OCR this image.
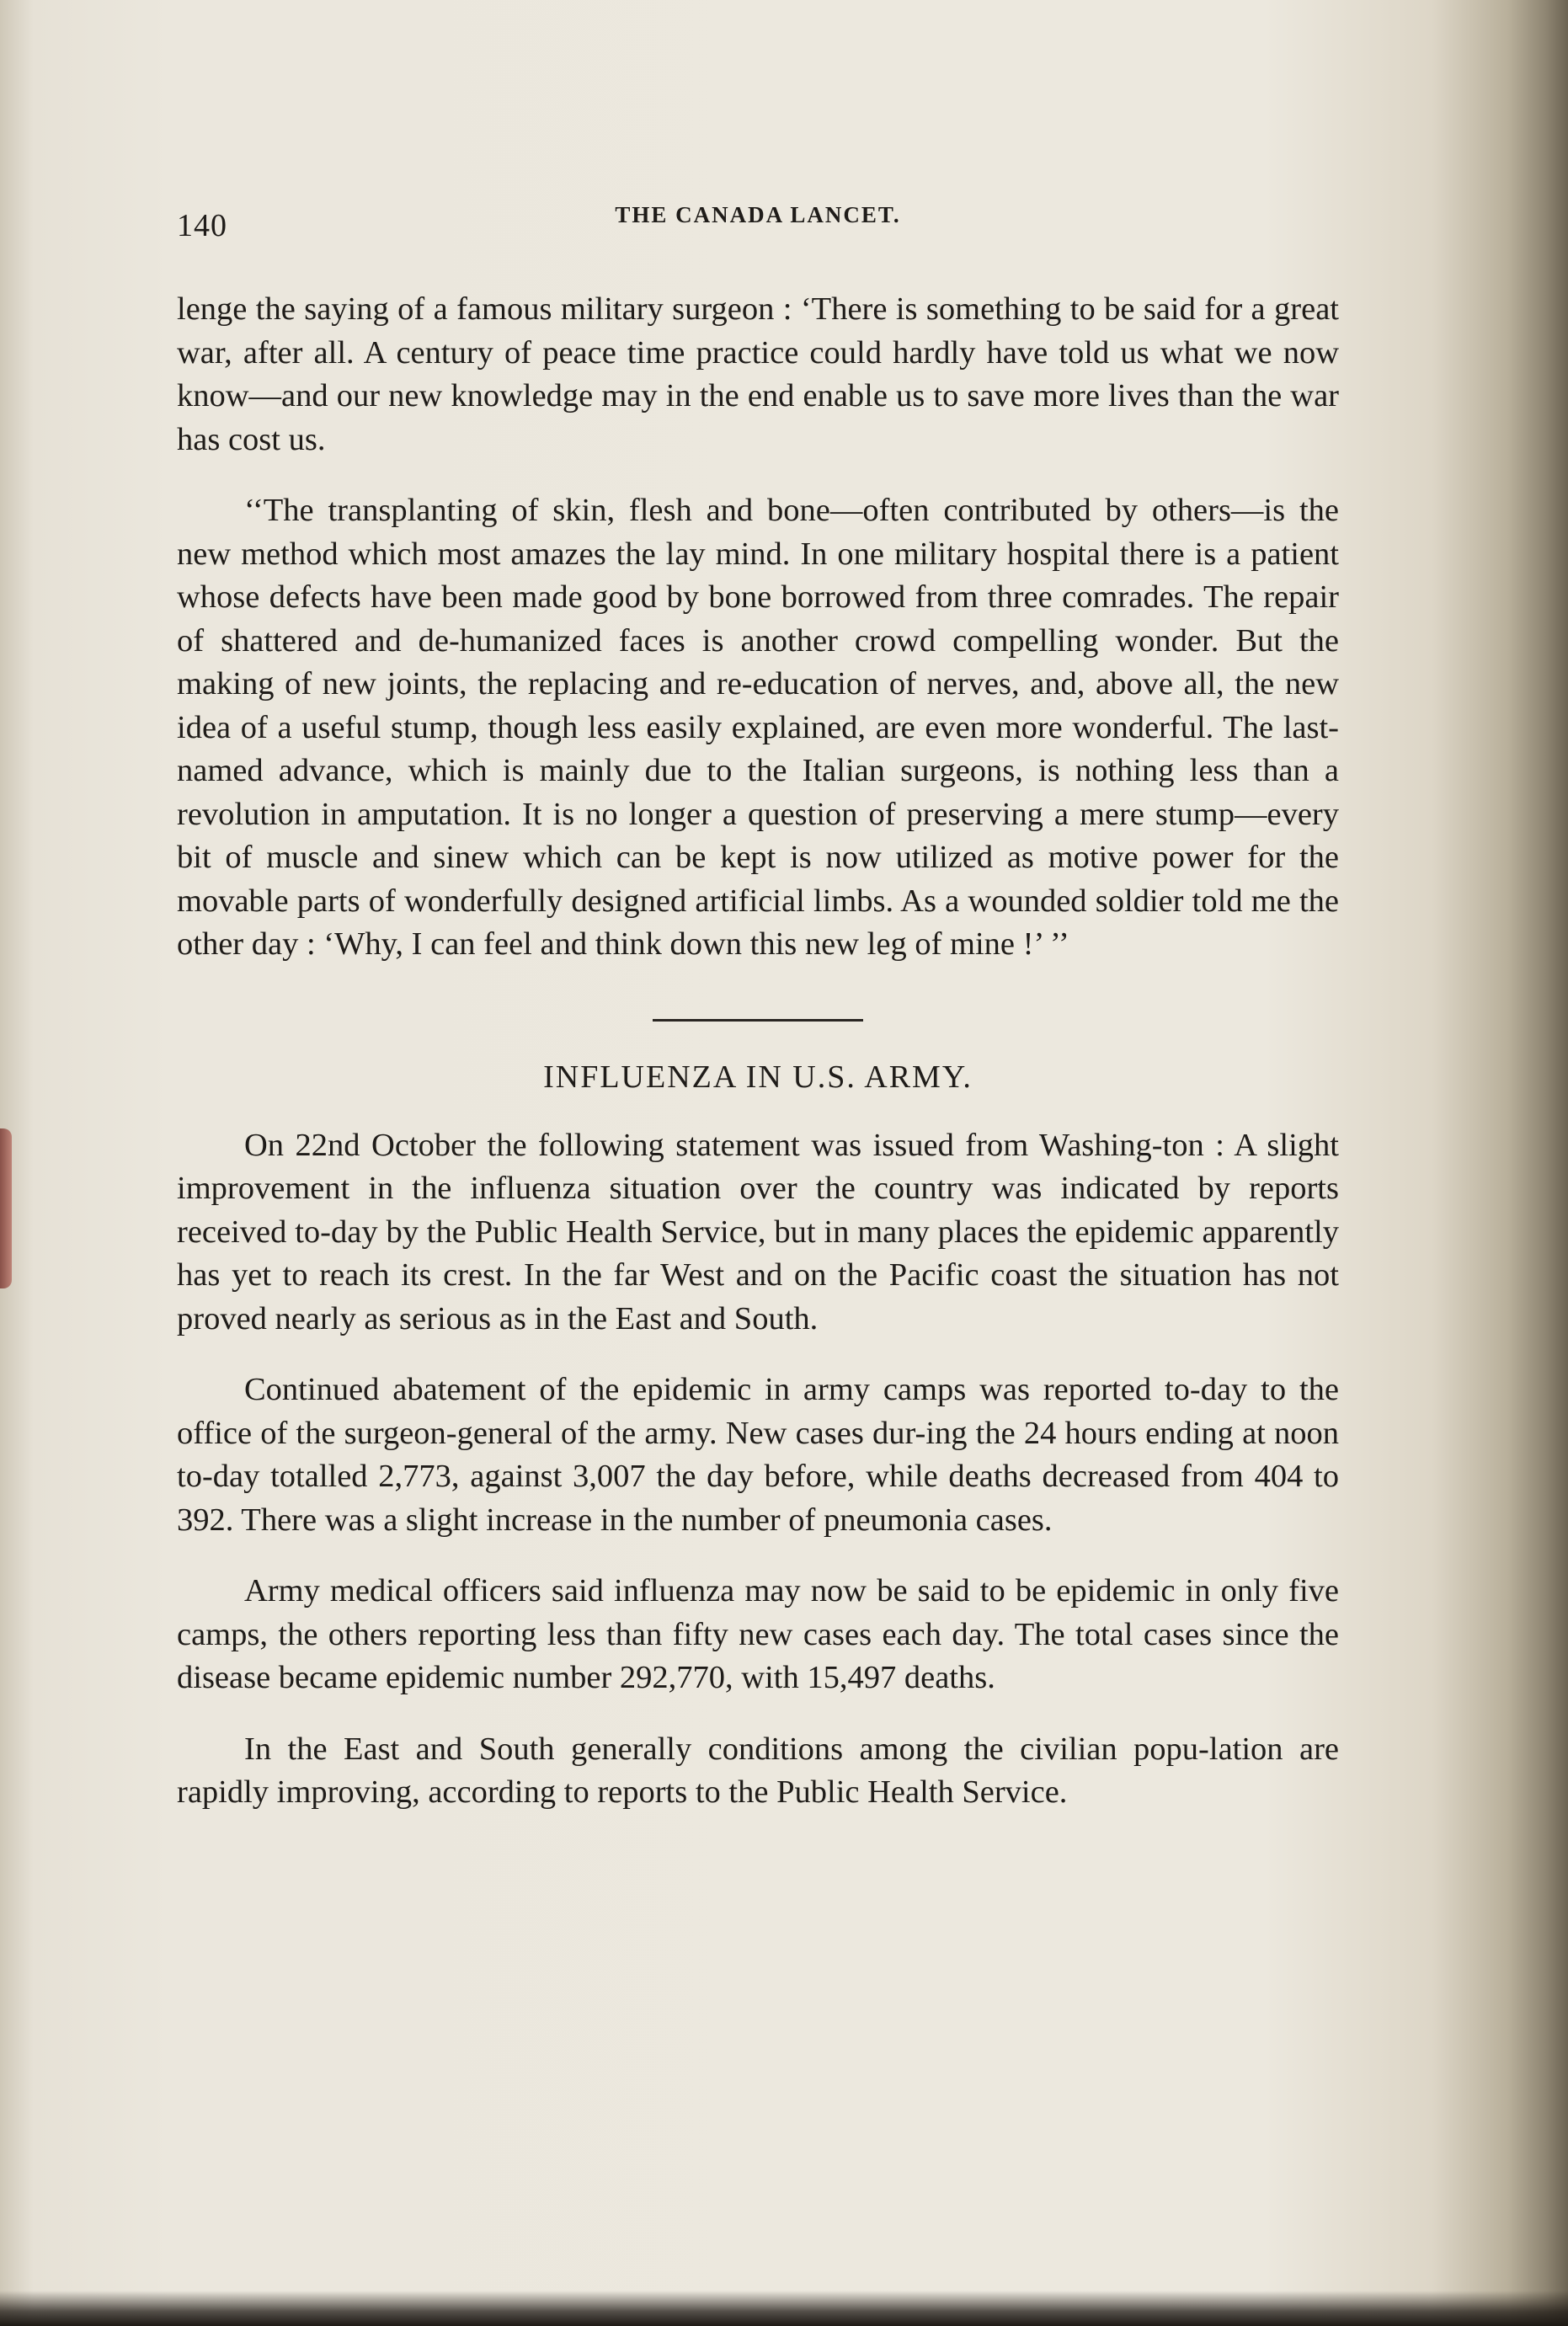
140	THE CANADA LANCET.

lenge the saying of a famous military surgeon : ‘There is something to be said for a great war, after all. A century of peace time practice could hardly have told us what we now know—and our new knowledge may in the end enable us to save more lives than the war has cost us.

‘‘The transplanting of skin, flesh and bone—often contributed by others—is the new method which most amazes the lay mind. In one military hospital there is a patient whose defects have been made good by bone borrowed from three comrades. The repair of shattered and de-humanized faces is another crowd compelling wonder. But the making of new joints, the replacing and re-education of nerves, and, above all, the new idea of a useful stump, though less easily explained, are even more wonderful. The last-named advance, which is mainly due to the Italian surgeons, is nothing less than a revolution in amputation. It is no longer a question of preserving a mere stump—every bit of muscle and sinew which can be kept is now utilized as motive power for the movable parts of wonderfully designed artificial limbs. As a wounded soldier told me the other day : ‘Why, I can feel and think down this new leg of mine !’ ’’

INFLUENZA IN U.S. ARMY.

On 22nd October the following statement was issued from Washing-ton : A slight improvement in the influenza situation over the country was indicated by reports received to-day by the Public Health Service, but in many places the epidemic apparently has yet to reach its crest. In the far West and on the Pacific coast the situation has not proved nearly as serious as in the East and South.

Continued abatement of the epidemic in army camps was reported to-day to the office of the surgeon-general of the army. New cases dur-ing the 24 hours ending at noon to-day totalled 2,773, against 3,007 the day before, while deaths decreased from 404 to 392. There was a slight increase in the number of pneumonia cases.

Army medical officers said influenza may now be said to be epidemic in only five camps, the others reporting less than fifty new cases each day. The total cases since the disease became epidemic number 292,770, with 15,497 deaths.

In the East and South generally conditions among the civilian popu-lation are rapidly improving, according to reports to the Public Health Service.
